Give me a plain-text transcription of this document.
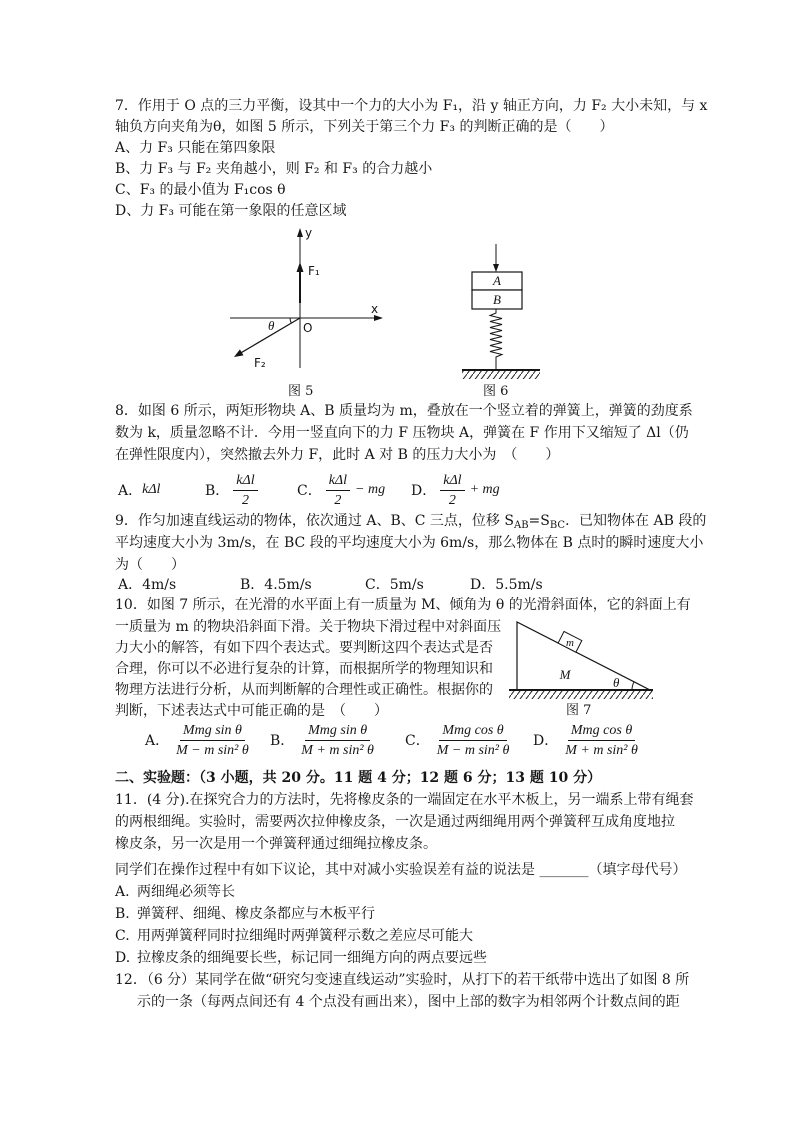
7．作用于 O 点的三力平衡，设其中一个力的大小为 F₁，沿 y 轴正方向，力 F₂ 大小未知，与 x
轴负方向夹角为θ，如图 5 所示，下列关于第三个力 F₃ 的判断正确的是（　　）
A、力 F₃ 只能在第四象限
B、力 F₃ 与 F₂ 夹角越小，则 F₂ 和 F₃ 的合力越小
C、F₃ 的最小值为 F₁cos θ
D、力 F₃ 可能在第一象限的任意区域
y
x
F₁
O
θ
F₂
图 5
A
B
图 6
8．如图 6 所示，两矩形物块 A、B 质量均为 m，叠放在一个竖立着的弹簧上，弹簧的劲度系
数为 k，质量忽略不计．今用一竖直向下的力 F 压物块 A，弹簧在 F 作用下又缩短了 Δl（仍
在弹性限度内），突然撤去外力 F，此时 A 对 B 的压力大小为　（　　）
A． kΔl	B． $\frac{\text{kΔl}}{2}$	C． $\frac{\text{kΔl}}{2}$ − mg D． $\frac{\text{kΔl}}{2}$ + mg
9．作匀加速直线运动的物体，依次通过 A、B、C 三点，位移 $S_{AB}=S_{BC}$．已知物体在 AB 段的
平均速度大小为 3m/s，在 BC 段的平均速度大小为 6m/s，那么物体在 B 点时的瞬时速度大小
为（　　）
A．4m/s	B．4.5m/s	C．5m/s	D．5.5m/s
10．如图 7 所示，在光滑的水平面上有一质量为 M、倾角为 θ 的光滑斜面体，它的斜面上有
一质量为 m 的物块沿斜面下滑。关于物块下滑过程中对斜面压
力大小的解答，有如下四个表达式。要判断这四个表达式是否
合理，你可以不必进行复杂的计算，而根据所学的物理知识和
物理方法进行分析，从而判断解的合理性或正确性。根据你的
判断，下述表达式中可能正确的是　（　　）
m
M
θ
图 7
A． $\frac{\text{Mmg sin θ}}{\text{M − m sin² θ}}$ B． $\frac{\text{Mmg sin θ}}{\text{M + m sin² θ}}$ C． $\frac{\text{Mmg cos θ}}{\text{M − m sin² θ}}$ D． $\frac{\text{Mmg cos θ}}{\text{M + m sin² θ}}$
二、实验题：（3 小题，共 20 分。11 题 4 分；12 题 6 分；13 题 10 分）
11．(4 分).在探究合力的方法时，先将橡皮条的一端固定在水平木板上，另一端系上带有绳套
的两根细绳。实验时，需要两次拉伸橡皮条，一次是通过两细绳用两个弹簧秤互成角度地拉
橡皮条，另一次是用一个弹簧秤通过细绳拉橡皮条。
同学们在操作过程中有如下议论，其中对减小实验误差有益的说法是 _______（填字母代号）
A. 两细绳必须等长
B. 弹簧秤、细绳、橡皮条都应与木板平行
C. 用两弹簧秤同时拉细绳时两弹簧秤示数之差应尽可能大
D. 拉橡皮条的细绳要长些，标记同一细绳方向的两点要远些
12．（6 分）某同学在做“研究匀变速直线运动”实验时，从打下的若干纸带中选出了如图 8 所
示的一条（每两点间还有 4 个点没有画出来），图中上部的数字为相邻两个计数点间的距
